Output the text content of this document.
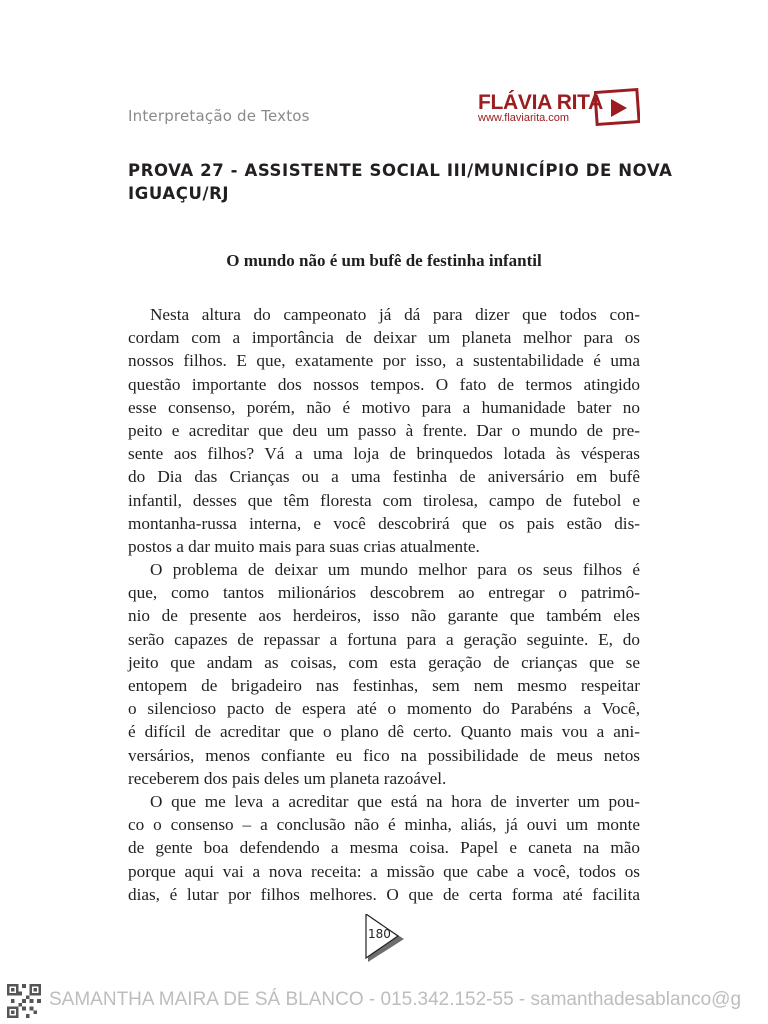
Interpretação de Textos
FLÁVIA RITA
www.flaviarita.com
PROVA 27 - ASSISTENTE SOCIAL III/MUNICÍPIO DE NOVA
IGUAÇU/RJ
O mundo não é um bufê de festinha infantil
Nesta altura do campeonato já dá para dizer que todos con-
cordam com a importância de deixar um planeta melhor para os
nossos filhos. E que, exatamente por isso, a sustentabilidade é uma
questão importante dos nossos tempos. O fato de termos atingido
esse consenso, porém, não é motivo para a humanidade bater no
peito e acreditar que deu um passo à frente. Dar o mundo de pre-
sente aos filhos? Vá a uma loja de brinquedos lotada às vésperas
do Dia das Crianças ou a uma festinha de aniversário em bufê
infantil, desses que têm floresta com tirolesa, campo de futebol e
montanha-russa interna, e você descobrirá que os pais estão dis-
postos a dar muito mais para suas crias atualmente.
O problema de deixar um mundo melhor para os seus filhos é
que, como tantos milionários descobrem ao entregar o patrimô-
nio de presente aos herdeiros, isso não garante que também eles
serão capazes de repassar a fortuna para a geração seguinte. E, do
jeito que andam as coisas, com esta geração de crianças que se
entopem de brigadeiro nas festinhas, sem nem mesmo respeitar
o silencioso pacto de espera até o momento do Parabéns a Você,
é difícil de acreditar que o plano dê certo. Quanto mais vou a ani-
versários, menos confiante eu fico na possibilidade de meus netos
receberem dos pais deles um planeta razoável.
O que me leva a acreditar que está na hora de inverter um pou-
co o consenso – a conclusão não é minha, aliás, já ouvi um monte
de gente boa defendendo a mesma coisa. Papel e caneta na mão
porque aqui vai a nova receita: a missão que cabe a você, todos os
dias, é lutar por filhos melhores. O que de certa forma até facilita
180
SAMANTHA MAIRA DE SÁ BLANCO - 015.342.152-55 - samanthadesablanco@g
